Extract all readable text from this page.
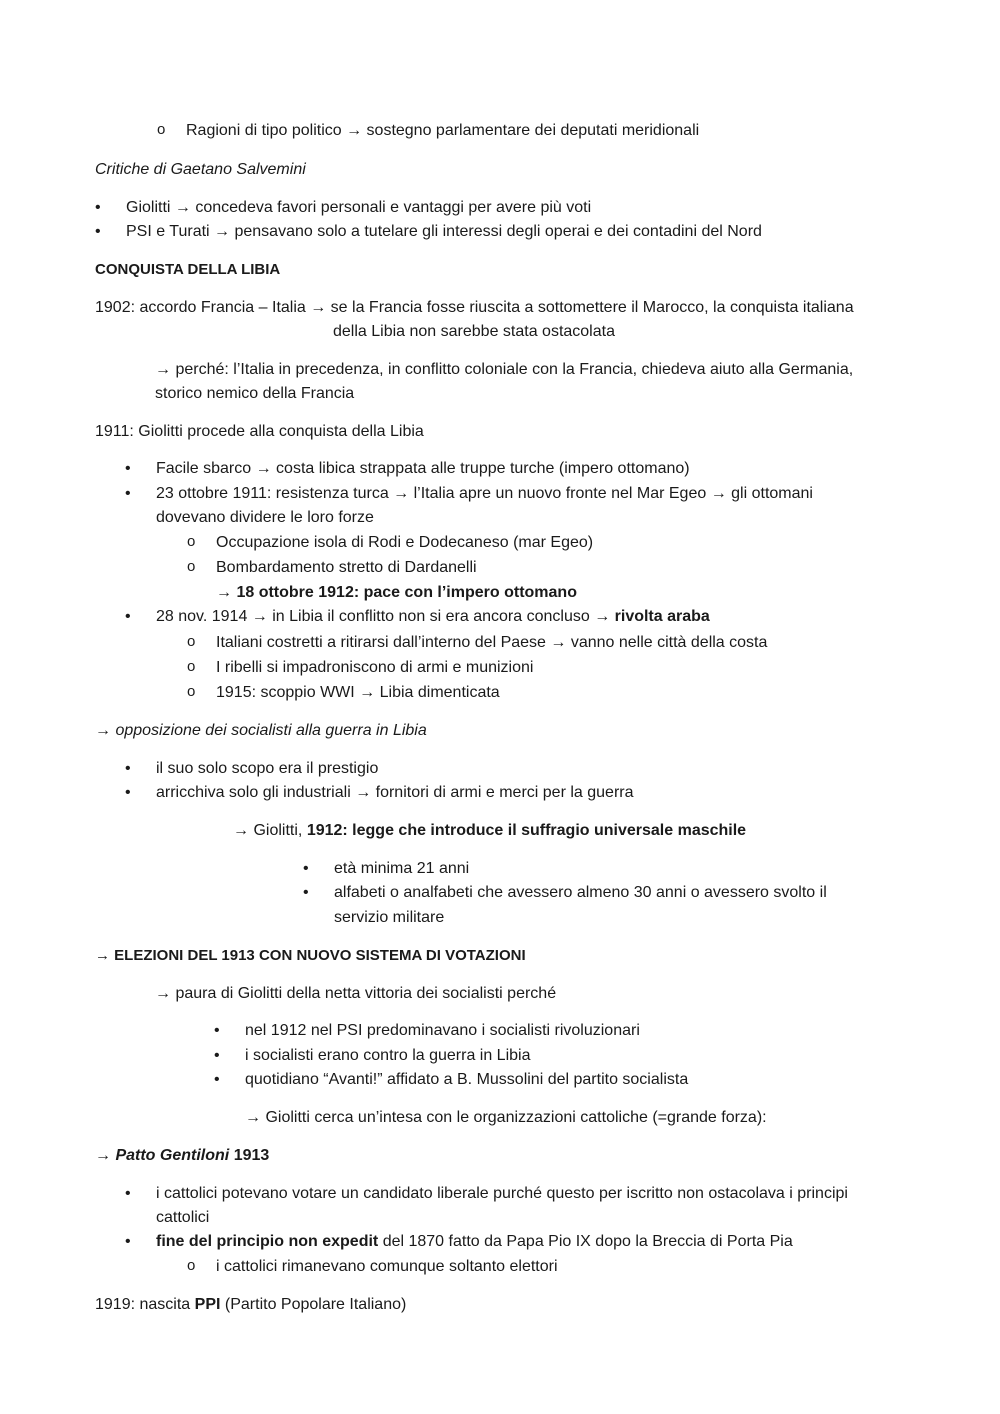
o Ragioni di tipo politico → sostegno parlamentare dei deputati meridionali
Critiche di Gaetano Salvemini
• Giolitti → concedeva favori personali e vantaggi per avere più voti
• PSI e Turati → pensavano solo a tutelare gli interessi degli operai e dei contadini del Nord
CONQUISTA DELLA LIBIA
1902: accordo Francia – Italia → se la Francia fosse riuscita a sottomettere il Marocco, la conquista italiana
della Libia non sarebbe stata ostacolata
→ perché: l’Italia in precedenza, in conflitto coloniale con la Francia, chiedeva aiuto alla Germania,
storico nemico della Francia
1911: Giolitti procede alla conquista della Libia
• Facile sbarco → costa libica strappata alle truppe turche (impero ottomano)
• 23 ottobre 1911: resistenza turca → l’Italia apre un nuovo fronte nel Mar Egeo → gli ottomani
dovevano dividere le loro forze
o Occupazione isola di Rodi e Dodecaneso (mar Egeo)
o Bombardamento stretto di Dardanelli
→ 18 ottobre 1912: pace con l’impero ottomano
• 28 nov. 1914 → in Libia il conflitto non si era ancora concluso → rivolta araba
o Italiani costretti a ritirarsi dall’interno del Paese → vanno nelle città della costa
o I ribelli si impadroniscono di armi e munizioni
o 1915: scoppio WWI → Libia dimenticata
→ opposizione dei socialisti alla guerra in Libia
• il suo solo scopo era il prestigio
• arricchiva solo gli industriali → fornitori di armi e merci per la guerra
→ Giolitti, 1912: legge che introduce il suffragio universale maschile
• età minima 21 anni
• alfabeti o analfabeti che avessero almeno 30 anni o avessero svolto il
servizio militare
→ ELEZIONI DEL 1913 CON NUOVO SISTEMA DI VOTAZIONI
→ paura di Giolitti della netta vittoria dei socialisti perché
• nel 1912 nel PSI predominavano i socialisti rivoluzionari
• i socialisti erano contro la guerra in Libia
• quotidiano “Avanti!” affidato a B. Mussolini del partito socialista
→ Giolitti cerca un’intesa con le organizzazioni cattoliche (=grande forza):
→ Patto Gentiloni 1913
• i cattolici potevano votare un candidato liberale purché questo per iscritto non ostacolava i principi
cattolici
• fine del principio non expedit del 1870 fatto da Papa Pio IX dopo la Breccia di Porta Pia
o i cattolici rimanevano comunque soltanto elettori
1919: nascita PPI (Partito Popolare Italiano)
